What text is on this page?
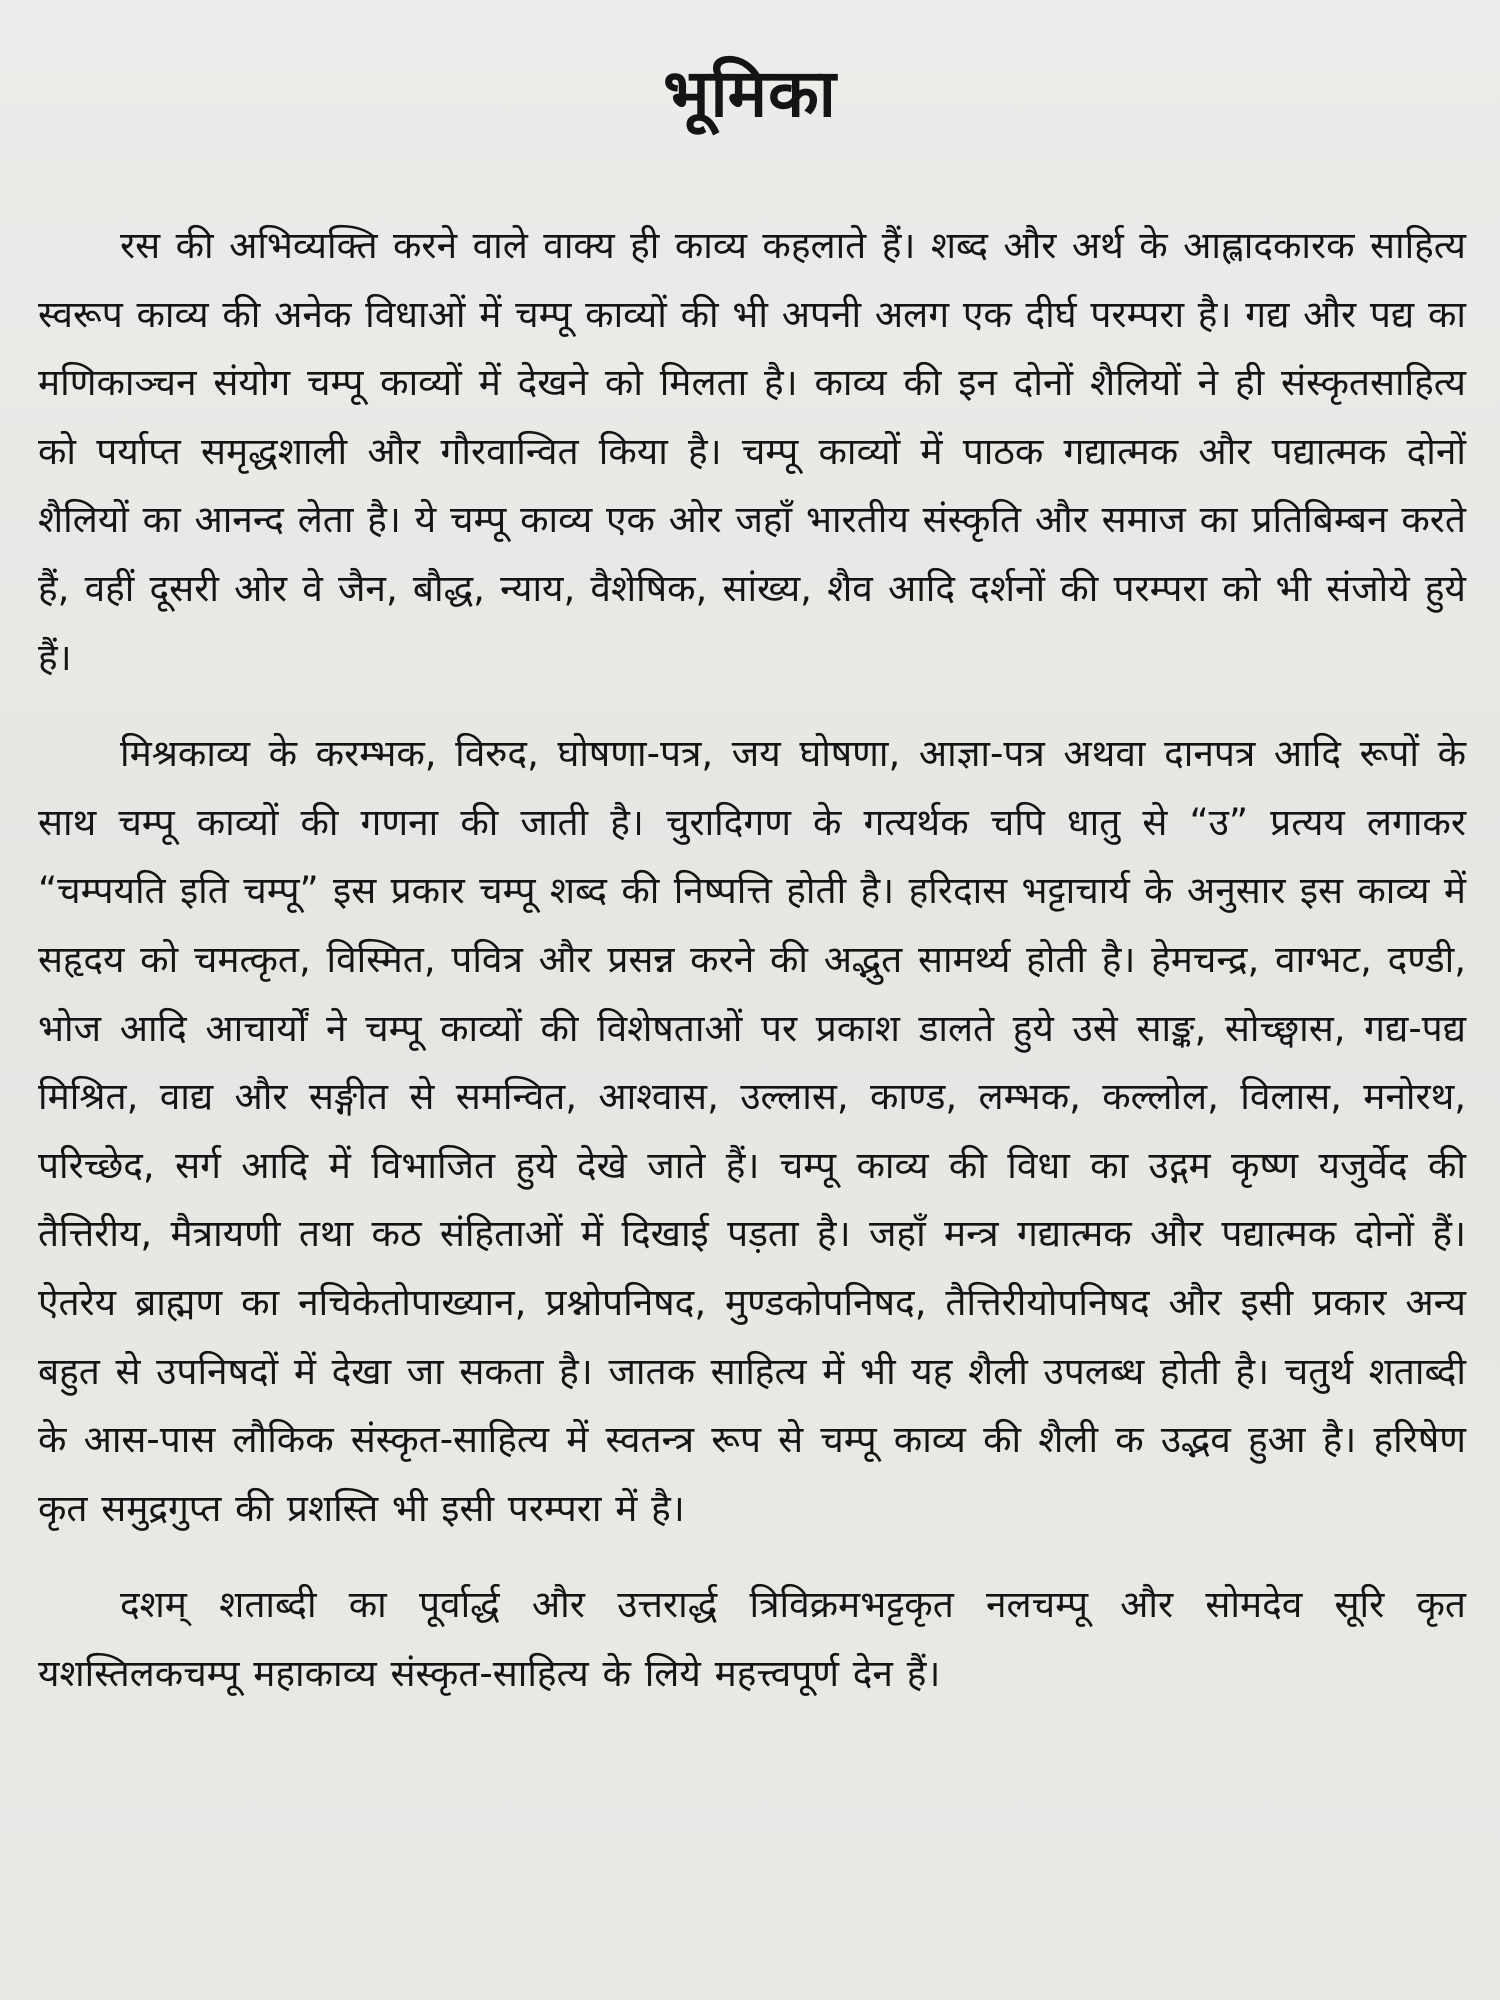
भूमिका

रस की अभिव्यक्ति करने वाले वाक्य ही काव्य कहलाते हैं। शब्द और अर्थ के आह्लादकारक साहित्य स्वरूप काव्य की अनेक विधाओं में चम्पू काव्यों की भी अपनी अलग एक दीर्घ परम्परा है। गद्य और पद्य का मणिकाञ्चन संयोग चम्पू काव्यों में देखने को मिलता है। काव्य की इन दोनों शैलियों ने ही संस्कृतसाहित्य को पर्याप्त समृद्धशाली और गौरवान्वित किया है। चम्पू काव्यों में पाठक गद्यात्मक और पद्यात्मक दोनों शैलियों का आनन्द लेता है। ये चम्पू काव्य एक ओर जहाँ भारतीय संस्कृति और समाज का प्रतिबिम्बन करते हैं, वहीं दूसरी ओर वे जैन, बौद्ध, न्याय, वैशेषिक, सांख्य, शैव आदि दर्शनों की परम्परा को भी संजोये हुये हैं।

मिश्रकाव्य के करम्भक, विरुद, घोषणा-पत्र, जय घोषणा, आज्ञा-पत्र अथवा दानपत्र आदि रूपों के साथ चम्पू काव्यों की गणना की जाती है। चुरादिगण के गत्यर्थक चपि धातु से “उ” प्रत्यय लगाकर “चम्पयति इति चम्पू” इस प्रकार चम्पू शब्द की निष्पत्ति होती है। हरिदास भट्टाचार्य के अनुसार इस काव्य में सहृदय को चमत्कृत, विस्मित, पवित्र और प्रसन्न करने की अद्भुत सामर्थ्य होती है। हेमचन्द्र, वाग्भट, दण्डी, भोज आदि आचार्यों ने चम्पू काव्यों की विशेषताओं पर प्रकाश डालते हुये उसे साङ्क, सोच्छ्वास, गद्य-पद्य मिश्रित, वाद्य और सङ्गीत से समन्वित, आश्वास, उल्लास, काण्ड, लम्भक, कल्लोल, विलास, मनोरथ, परिच्छेद, सर्ग आदि में विभाजित हुये देखे जाते हैं। चम्पू काव्य की विधा का उद्गम कृष्ण यजुर्वेद की तैत्तिरीय, मैत्रायणी तथा कठ संहिताओं में दिखाई पड़ता है। जहाँ मन्त्र गद्यात्मक और पद्यात्मक दोनों हैं। ऐतरेय ब्राह्मण का नचिकेतोपाख्यान, प्रश्नोपनिषद, मुण्डकोपनिषद, तैत्तिरीयोपनिषद और इसी प्रकार अन्य बहुत से उपनिषदों में देखा जा सकता है। जातक साहित्य में भी यह शैली उपलब्ध होती है। चतुर्थ शताब्दी के आस-पास लौकिक संस्कृत-साहित्य में स्वतन्त्र रूप से चम्पू काव्य की शैली क उद्भव हुआ है। हरिषेण कृत समुद्रगुप्त की प्रशस्ति भी इसी परम्परा में है।

दशम् शताब्दी का पूर्वार्द्ध और उत्तरार्द्ध त्रिविक्रमभट्टकृत नलचम्पू और सोमदेव सूरि कृत यशस्तिलकचम्पू महाकाव्य संस्कृत-साहित्य के लिये महत्त्वपूर्ण देन हैं।
